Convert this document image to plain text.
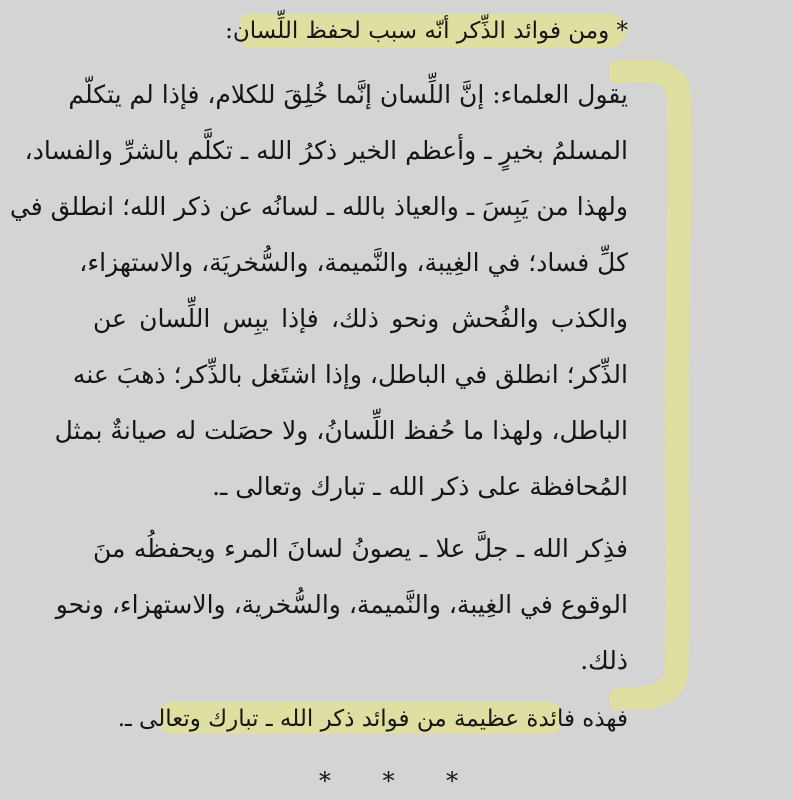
* ومن فوائد الذِّكر أنّه سبب لحفظ اللِّسان:
يقول العلماء: إنَّ اللِّسان إنَّما خُلِقَ للكلام، فإذا لم يتكلّم
المسلمُ بخيرٍ ـ وأعظم الخير ذكرُ الله ـ تكلَّم بالشرِّ والفساد،
ولهذا من يَبِسَ ـ والعياذ بالله ـ لسانُه عن ذكر الله؛ انطلق في
كلِّ فساد؛ في الغِيبة، والنَّميمة، والسُّخريَة، والاستهزاء،
والكذب والفُحش ونحو ذلك، فإذا يبِس اللِّسان عن
الذِّكر؛ انطلق في الباطل، وإذا اشتَغل بالذِّكر؛ ذهبَ عنه
الباطل، ولهذا ما حُفظ اللِّسانُ، ولا حصَلت له صيانةٌ بمثل
المُحافظة على ذكر الله ـ تبارك وتعالى ـ.
فذِكر الله ـ جلَّ علا ـ يصونُ لسانَ المرء ويحفظُه منَ
الوقوع في الغِيبة، والنَّميمة، والسُّخرية، والاستهزاء، ونحو
ذلك.
فهذه فائدة عظيمة من فوائد ذكر الله ـ تبارك وتعالى ـ.
* * *
